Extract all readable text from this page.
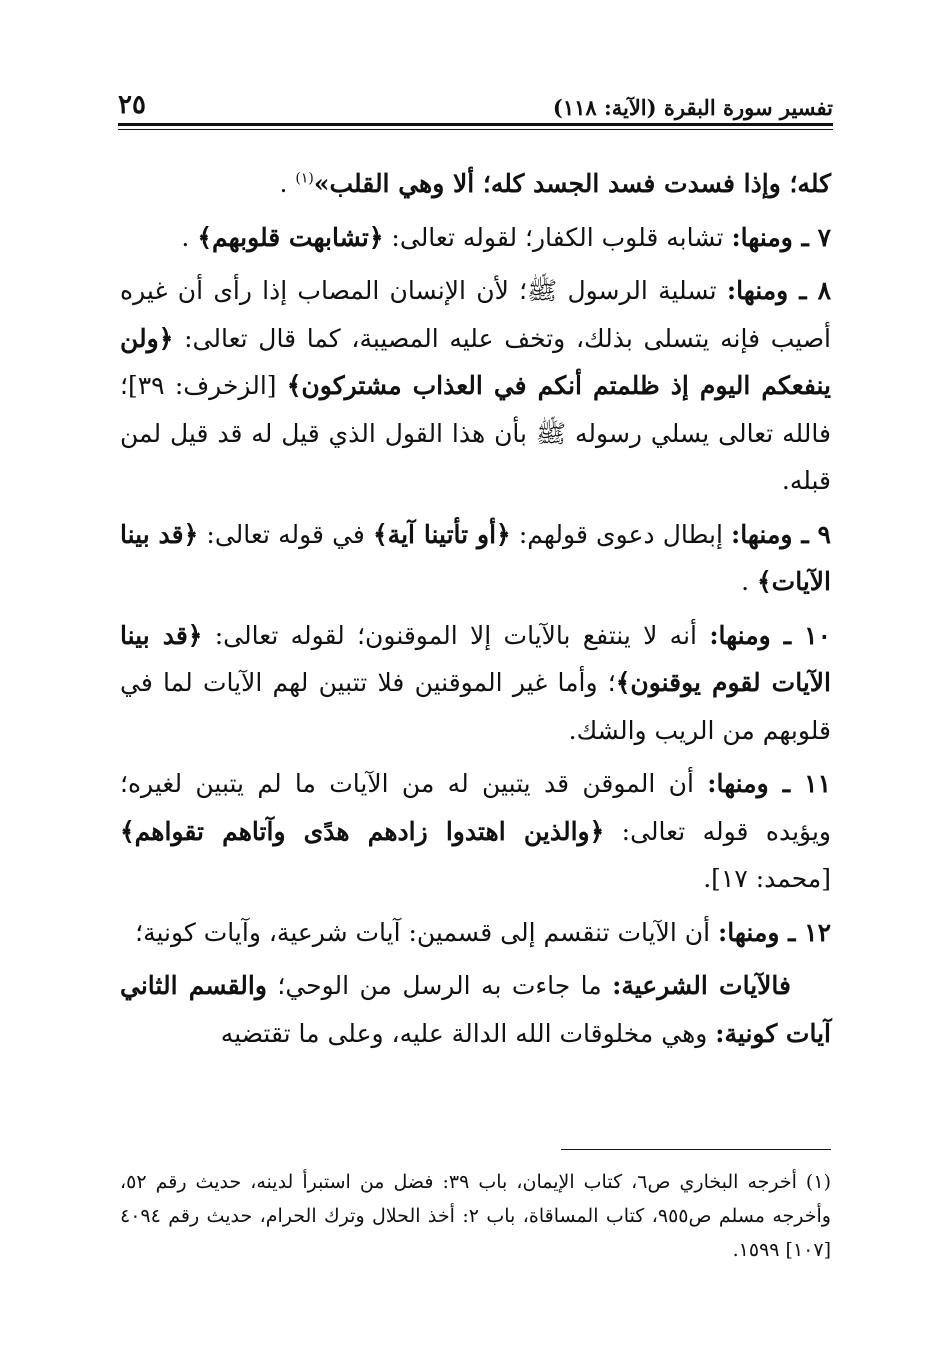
تفسير سورة البقرة (الآية: ١١٨)
٢٥

كله؛ وإذا فسدت فسد الجسد كله؛ ألا وهي القلب»$^{(١)}$ .

٧ ـ ومنها: تشابه قلوب الكفار؛ لقوله تعالى: ﴿تشابهت قلوبهم﴾ .

٨ ـ ومنها: تسلية الرسول ﷺ؛ لأن الإنسان المصاب إذا رأى أن غيره أصيب فإنه يتسلى بذلك، وتخف عليه المصيبة، كما قال تعالى: ﴿ولن ينفعكم اليوم إذ ظلمتم أنكم في العذاب مشتركون﴾ [الزخرف: ٣٩]؛ فالله تعالى يسلي رسوله ﷺ بأن هذا القول الذي قيل له قد قيل لمن قبله.

٩ ـ ومنها: إبطال دعوى قولهم: ﴿أو تأتينا آية﴾ في قوله تعالى: ﴿قد بينا الآيات﴾ .

١٠ ـ ومنها: أنه لا ينتفع بالآيات إلا الموقنون؛ لقوله تعالى: ﴿قد بينا الآيات لقوم يوقنون﴾؛ وأما غير الموقنين فلا تتبين لهم الآيات لما في قلوبهم من الريب والشك.

١١ ـ ومنها: أن الموقن قد يتبين له من الآيات ما لم يتبين لغيره؛ ويؤيده قوله تعالى: ﴿والذين اهتدوا زادهم هدًى وآتاهم تقواهم﴾ [محمد: ١٧].

١٢ ـ ومنها: أن الآيات تنقسم إلى قسمين: آيات شرعية، وآيات كونية؛

فالآيات الشرعية: ما جاءت به الرسل من الوحي؛ والقسم الثاني آيات كونية: وهي مخلوقات الله الدالة عليه، وعلى ما تقتضيه

(١) أخرجه البخاري ص٦، كتاب الإيمان، باب ٣٩: فضل من استبرأ لدينه، حديث رقم ٥٢، وأخرجه مسلم ص٩٥٥، كتاب المساقاة، باب ٢: أخذ الحلال وترك الحرام، حديث رقم ٤٠٩٤ [١٠٧] ١٥٩٩.
